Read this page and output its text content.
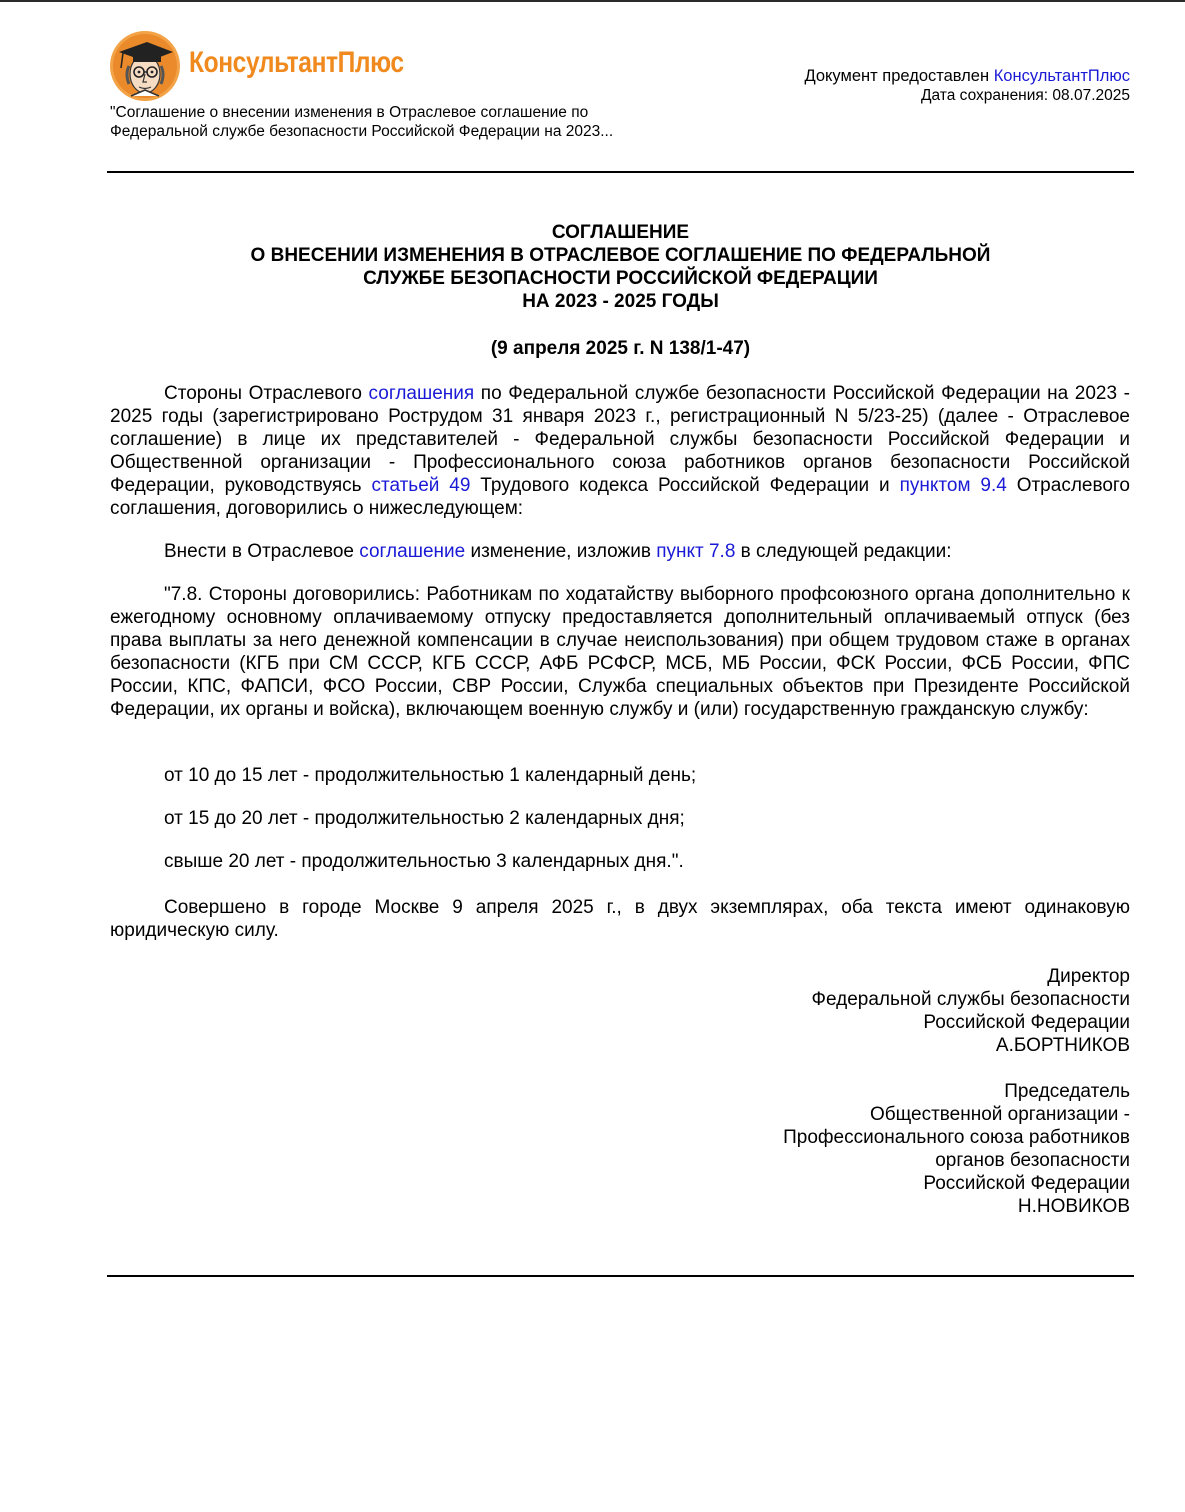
КонсультантПлюс
"Соглашение о внесении изменения в Отраслевое соглашение по Федеральной службе безопасности Российской Федерации на 2023...
Документ предоставлен КонсультантПлюс
Дата сохранения: 08.07.2025
СОГЛАШЕНИЕ
О ВНЕСЕНИИ ИЗМЕНЕНИЯ В ОТРАСЛЕВОЕ СОГЛАШЕНИЕ ПО ФЕДЕРАЛЬНОЙ
СЛУЖБЕ БЕЗОПАСНОСТИ РОССИЙСКОЙ ФЕДЕРАЦИИ
НА 2023 - 2025 ГОДЫ
(9 апреля 2025 г. N 138/1-47)

Стороны Отраслевого соглашения по Федеральной службе безопасности Российской Федерации на 2023 - 2025 годы (зарегистрировано Рострудом 31 января 2023 г., регистрационный N 5/23-25) (далее - Отраслевое соглашение) в лице их представителей - Федеральной службы безопасности Российской Федерации и Общественной организации - Профессионального союза работников органов безопасности Российской Федерации, руководствуясь статьей 49 Трудового кодекса Российской Федерации и пунктом 9.4 Отраслевого соглашения, договорились о нижеследующем:

Внести в Отраслевое соглашение изменение, изложив пункт 7.8 в следующей редакции:

"7.8. Стороны договорились: Работникам по ходатайству выборного профсоюзного органа дополнительно к ежегодному основному оплачиваемому отпуску предоставляется дополнительный оплачиваемый отпуск (без права выплаты за него денежной компенсации в случае неиспользования) при общем трудовом стаже в органах безопасности (КГБ при СМ СССР, КГБ СССР, АФБ РСФСР, МСБ, МБ России, ФСК России, ФСБ России, ФПС России, КПС, ФАПСИ, ФСО России, СВР России, Служба специальных объектов при Президенте Российской Федерации, их органы и войска), включающем военную службу и (или) государственную гражданскую службу:

от 10 до 15 лет - продолжительностью 1 календарный день;
от 15 до 20 лет - продолжительностью 2 календарных дня;
свыше 20 лет - продолжительностью 3 календарных дня.".

Совершено в городе Москве 9 апреля 2025 г., в двух экземплярах, оба текста имеют одинаковую юридическую силу.

Директор
Федеральной службы безопасности
Российской Федерации
А.БОРТНИКОВ
Председатель
Общественной организации -
Профессионального союза работников
органов безопасности
Российской Федерации
Н.НОВИКОВ
